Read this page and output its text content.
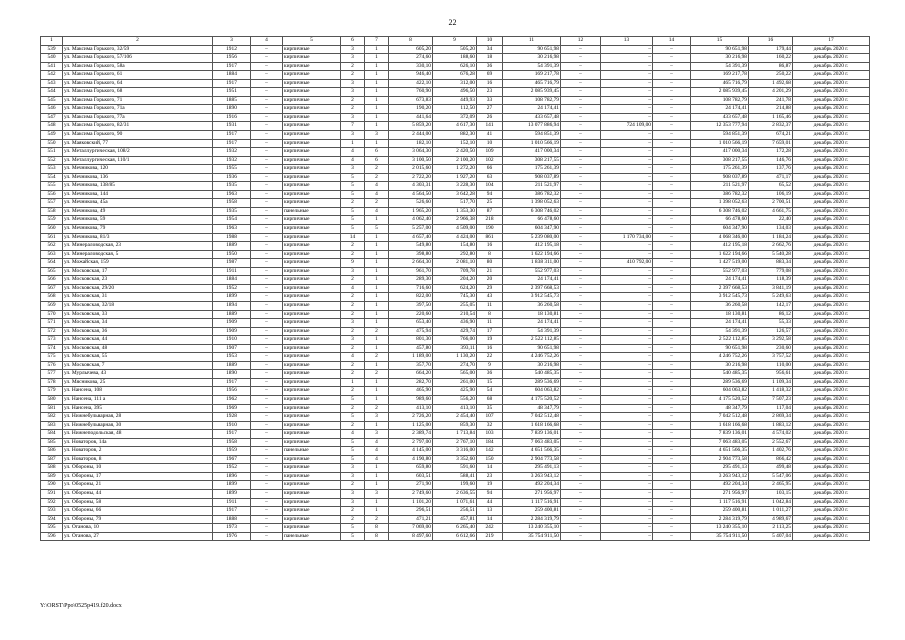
22
1	2	3	4	5	6	7	8	9	10	11	12	13	14	15	16	17
539	ул. Максима Горького, 32/59	1912	–	кирпичные	3	1	605,20	505,20	34	90 651,98	–	–	–	90 651,98	179,44	декабрь 2020 г.
540	ул. Максима Горького, 57/106	1956	–	кирпичные	3	1	274,60	188,60	18	30 216,98	–	–	–	30 216,98	160,22	декабрь 2020 г.
541	ул. Максима Горького, 58а	1917	–	кирпичные	2	1	330,10	626,10	36	54 391,39	–	–	–	54 391,39	86,87	декабрь 2020 г.
542	ул. Максима Горького, 61	1884	–	кирпичные	2	1	946,40	676,28	69	169 217,78	–	–	–	169 217,78	250,22	декабрь 2020 г.
543	ул. Максима Горького, 64	1917	–	кирпичные	3	1	422,10	312,00	16	465 716,79	–	–	–	465 716,79	1 492,68	декабрь 2020 г.
544	ул. Максима Горького, 68	1951	–	кирпичные	3	1	760,90	496,50	23	2 085 939,45	–	–	–	2 085 939,45	4 201,29	декабрь 2020 г.
545	ул. Максима Горького, 71	1885	–	кирпичные	2	1	673,83	449,93	33	108 782,79	–	–	–	108 782,79	241,78	декабрь 2020 г.
546	ул. Максима Горького, 71а	1890	–	кирпичные	2	1	190,20	112,50	27	24 174,41	–	–	–	24 174,41	214,88	декабрь 2020 г.
547	ул. Максима Горького, 77а	1916	–	кирпичные	3	1	441,64	372,09	26	433 657,48	–	–	–	433 657,48	1 165,46	декабрь 2020 г.
548	ул. Максима Горького, 82/31	1931	–	кирпичные	7	1	5 859,20	4 617,30	141	13 077 886,94	–	724 109,00	–	12 353 777,94	2 832,37	декабрь 2020 г.
549	ул. Максима Горького, 90	1917	–	кирпичные	3	3	2 444,00	882,30	41	594 851,39	–	–	–	594 851,39	674,21	декабрь 2020 г.
550	ул. Маяковский, 77	1917	–	кирпичные	1	1	182,10	152,10	10	1 010 566,19	–	–	–	1 010 566,19	7 659,01	декабрь 2020 г.
551	ул. Металлургическая, 108/2	1932	–	кирпичные	4	6	3 064,30	2 420,50	109	417 000,34	–	–	–	417 000,34	172,28	декабрь 2020 г.
552	ул. Металлургическая, 110/1	1932	–	кирпичные	4	6	3 100,50	2 100,20	102	308 217,55	–	–	–	308 217,55	146,76	декабрь 2020 г.
553	ул. Мечникова, 120	1955	–	кирпичные	3	2	2 015,60	1 272,20	66	175 261,39	–	–	–	175 261,39	137,76	декабрь 2020 г.
554	ул. Мечникова, 136	1936	–	кирпичные	5	2	2 722,20	1 927,20	63	908 037,89	–	–	–	908 037,89	471,17	декабрь 2020 г.
555	ул. Мечникова, 138/85	1935	–	кирпичные	5	4	4 303,31	3 228,30	104	211 521,97	–	–	–	211 521,97	65,52	декабрь 2020 г.
556	ул. Мечникова, 144	1963	–	кирпичные	5	4	4 564,50	3 642,28	94	386 782,32	–	–	–	386 782,32	106,19	декабрь 2020 г.
557	ул. Мечникова, 45а	1958	–	кирпичные	2	2	526,60	517,70	25	1 398 052,63	–	–	–	1 398 052,63	2 700,51	декабрь 2020 г.
558	ул. Мечникова, 49	1935	–	панельные	5	4	1 965,20	1 353,30	87	6 308 746,02	–	–	–	6 308 746,02	4 661,75	декабрь 2020 г.
559	ул. Мечникова, 59	1954	–	кирпичные	5	1	4 062,40	2 966,38	218	66 478,60	–	–	–	66 478,60	22,40	декабрь 2020 г.
560	ул. Мечникова, 79	1963	–	кирпичные	5	5	5 257,00	4 509,00	190	604 347,90	–	–	–	604 347,90	134,03	декабрь 2020 г.
561	ул. Мечникова, 81/3	1988	–	кирпичные	14	1	4 657,40	4 424,00	861	5 239 080,00	–	1 170 734,00	–	4 068 346,00	1 184,24	декабрь 2020 г.
562	ул. Минераловодская, 23	1889	–	кирпичные	2	1	549,80	154,80	16	412 195,18	–	–	–	412 195,18	2 662,76	декабрь 2020 г.
563	ул. Минераловодская, 5	1950	–	кирпичные	2	1	398,80	292,80	8	1 622 194,66	–	–	–	1 622 194,66	5 540,28	декабрь 2020 г.
564	ул. Можайская, 159	1987	–	кирпичные	9	1	2 664,30	2 081,10	80	1 838 311,00	–	410 792,00	–	1 427 519,00	883,34	декабрь 2020 г.
565	ул. Московская, 17	1911	–	кирпичные	3	1	961,70	709,78	21	552 977,03	–	–	–	552 977,03	779,08	декабрь 2020 г.
566	ул. Московская, 23	1884	–	кирпичные	2	1	289,30	204,20	20	24 174,41	–	–	–	24 174,41	118,39	декабрь 2020 г.
567	ул. Московская, 29/20	1952	–	кирпичные	4	1	716,60	624,20	29	2 397 668,53	–	–	–	2 397 668,53	3 841,19	декабрь 2020 г.
568	ул. Московская, 31	1899	–	кирпичные	2	1	822,00	745,30	43	3 912 545,73	–	–	–	3 912 545,73	5 249,63	декабрь 2020 г.
569	ул. Московская, 32/18	1894	–	кирпичные	2	1	397,50	255,05	11	36 260,58	–	–	–	36 260,58	142,17	декабрь 2020 г.
570	ул. Московская, 33	1889	–	кирпичные	2	1	220,60	210,54	8	18 130,81	–	–	–	18 130,81	86,12	декабрь 2020 г.
571	ул. Московская, 34	1909	–	кирпичные	3	1	653,40	436,90	11	24 174,41	–	–	–	24 174,41	55,33	декабрь 2020 г.
572	ул. Московская, 36	1909	–	кирпичные	2	2	475,94	429,74	17	54 391,39	–	–	–	54 391,39	126,57	декабрь 2020 г.
573	ул. Московская, 44	1910	–	кирпичные	3	1	801,30	766,00	19	2 522 112,85	–	–	–	2 522 112,85	3 292,58	декабрь 2020 г.
574	ул. Московская, 48	1907	–	кирпичные	2	1	457,80	393,11	16	90 651,98	–	–	–	90 651,98	230,60	декабрь 2020 г.
575	ул. Московская, 55	1953	–	кирпичные	4	2	1 189,00	1 130,20	22	4 246 752,26	–	–	–	4 246 752,26	3 757,52	декабрь 2020 г.
576	ул. Московская, 7	1889	–	кирпичные	2	1	357,70	274,70	9	30 216,98	–	–	–	30 216,98	110,00	декабрь 2020 г.
577	ул. Мурлычева, 43	1890	–	кирпичные	2	2	664,20	565,00	36	540 485,35	–	–	–	540 485,35	956,61	декабрь 2020 г.
578	ул. Мясникова, 25	1917	–	кирпичные	1	1	282,70	261,00	15	289 536,69	–	–	–	289 536,69	1 109,34	декабрь 2020 г.
579	ул. Нансена, 108	1956	–	кирпичные	2	1	465,90	425,90	54	604 063,82	–	–	–	604 063,82	1 418,32	декабрь 2020 г.
580	ул. Нансена, 111 а	1962	–	кирпичные	5	1	989,60	556,20	68	4 175 520,52	–	–	–	4 175 520,52	7 507,23	декабрь 2020 г.
581	ул. Нансена, 395	1969	–	кирпичные	2	2	413,10	413,10	35	48 347,79	–	–	–	48 347,79	117,04	декабрь 2020 г.
582	ул. Нижнебульварная, 28	1928	–	кирпичные	5	3	2 726,20	2 454,40	107	7 042 512,48	–	–	–	7 042 512,48	2 869,34	декабрь 2020 г.
583	ул. Нижнебульварная, 30	1910	–	кирпичные	2	1	1 125,00	859,30	32	1 618 166,68	–	–	–	1 618 166,68	1 883,12	декабрь 2020 г.
584	ул. Нижнеподольская, 48	1917	–	кирпичные	4	3	2 389,74	1 713,84	103	7 839 136,01	–	–	–	7 839 136,01	4 574,02	декабрь 2020 г.
585	ул. Новаторов, 14а	1958	–	кирпичные	5	4	2 797,00	2 767,10	184	7 063 483,05	–	–	–	7 063 483,05	2 552,67	декабрь 2020 г.
586	ул. Новаторов, 2	1959	–	панельные	5	4	4 145,00	3 316,00	142	4 651 566,35	–	–	–	4 651 566,35	1 402,76	декабрь 2020 г.
587	ул. Новаторов, 8	1967	–	кирпичные	5	4	4 190,80	3 352,60	150	2 904 773,58	–	–	–	2 904 773,58	866,42	декабрь 2020 г.
588	ул. Обороны, 10	1952	–	кирпичные	3	1	659,80	591,60	14	295 491,13	–	–	–	295 491,13	499,48	декабрь 2020 г.
589	ул. Обороны, 17	1896	–	кирпичные	3	1	603,51	588,41	23	3 263 943,12	–	–	–	3 263 943,12	5 547,06	декабрь 2020 г.
590	ул. Обороны, 21	1899	–	кирпичные	2	1	271,90	199,60	19	492 204,34	–	–	–	492 204,34	2 465,95	декабрь 2020 г.
591	ул. Обороны, 44	1899	–	кирпичные	3	3	2 749,60	2 636,55	94	271 956,97	–	–	–	271 956,97	103,15	декабрь 2020 г.
592	ул. Обороны, 58	1911	–	кирпичные	3	1	1 101,20	1 071,61	44	1 117 516,91	–	–	–	1 117 516,91	1 042,84	декабрь 2020 г.
593	ул. Обороны, 66	1917	–	кирпичные	2	1	296,51	256,51	13	259 400,81	–	–	–	259 400,81	1 011,27	декабрь 2020 г.
594	ул. Обороны, 79	1888	–	кирпичные	2	2	471,21	457,81	14	2 284 319,79	–	–	–	2 284 319,79	4 989,67	декабрь 2020 г.
595	ул. Оганова, 10	1973	–	кирпичные	5	8	7 069,00	6 265,40	242	13 240 355,10	–	–	–	13 240 355,10	2 113,25	декабрь 2020 г.
596	ул. Оганова, 27	1976	–	панельные	5	8	8 497,60	6 612,66	219	35 754 911,50	–	–	–	35 754 911,50	5 407,04	декабрь 2020 г.
Y:\ORST\Ppo\0525p419.f20.docx
